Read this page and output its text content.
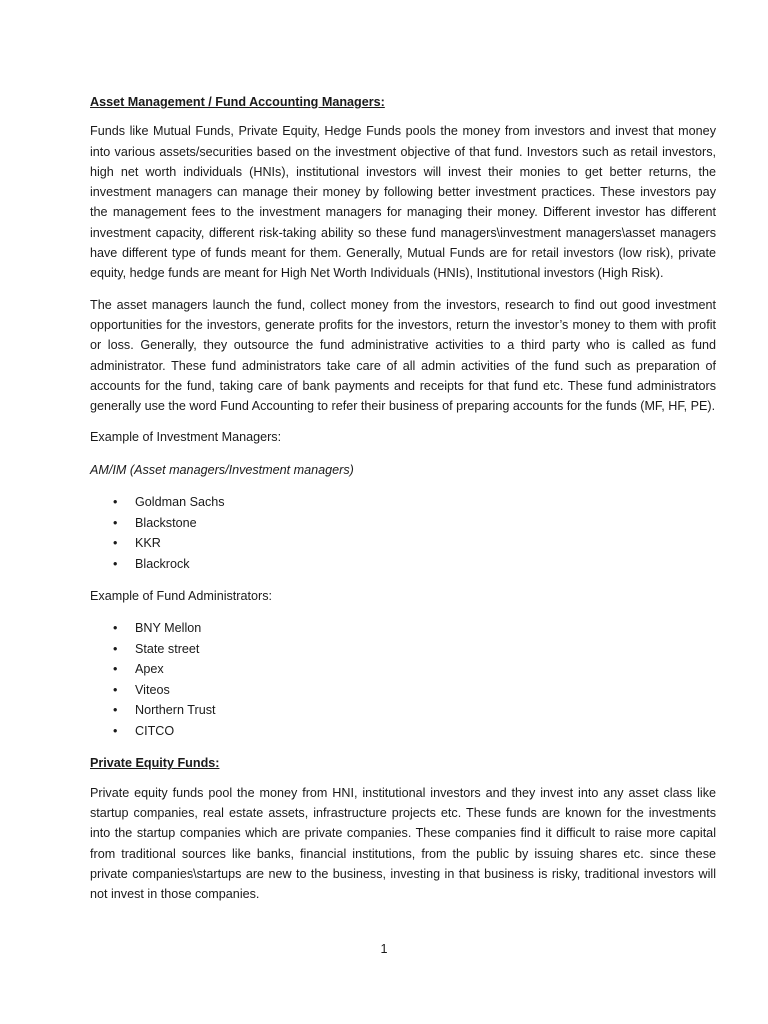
Asset Management / Fund Accounting Managers:

Funds like Mutual Funds, Private Equity, Hedge Funds pools the money from investors and invest that money into various assets/securities based on the investment objective of that fund. Investors such as retail investors, high net worth individuals (HNIs), institutional investors will invest their monies to get better returns, the investment managers can manage their money by following better investment practices. These investors pay the management fees to the investment managers for managing their money. Different investor has different investment capacity, different risk-taking ability so these fund managers\investment managers\asset managers have different type of funds meant for them. Generally, Mutual Funds are for retail investors (low risk), private equity, hedge funds are meant for High Net Worth Individuals (HNIs), Institutional investors (High Risk).

The asset managers launch the fund, collect money from the investors, research to find out good investment opportunities for the investors, generate profits for the investors, return the investor’s money to them with profit or loss. Generally, they outsource the fund administrative activities to a third party who is called as fund administrator. These fund administrators take care of all admin activities of the fund such as preparation of accounts for the fund, taking care of bank payments and receipts for that fund etc. These fund administrators generally use the word Fund Accounting to refer their business of preparing accounts for the funds (MF, HF, PE).

Example of Investment Managers:

AM/IM (Asset managers/Investment managers)

• Goldman Sachs
• Blackstone
• KKR
• Blackrock

Example of Fund Administrators:

• BNY Mellon
• State street
• Apex
• Viteos
• Northern Trust
• CITCO

Private Equity Funds:

Private equity funds pool the money from HNI, institutional investors and they invest into any asset class like startup companies, real estate assets, infrastructure projects etc. These funds are known for the investments into the startup companies which are private companies. These companies find it difficult to raise more capital from traditional sources like banks, financial institutions, from the public by issuing shares etc. since these private companies\startups are new to the business, investing in that business is risky, traditional investors will not invest in those companies.

1
